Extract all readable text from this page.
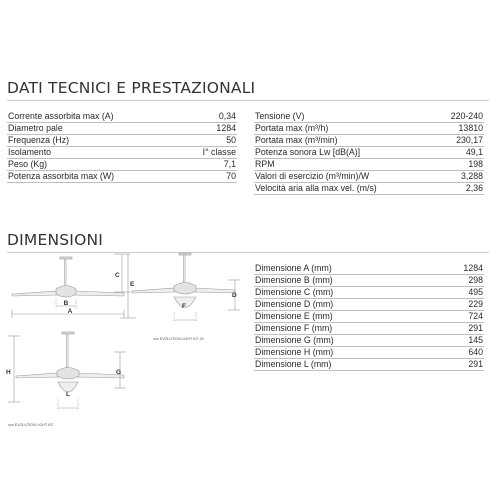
DATI TECNICI E PRESTAZIONALI
Corrente assorbita max (A)	0,34
Diametro pale	1284
Frequenza (Hz)	50
Isolamento	I° classe
Peso (Kg)	7,1
Potenza assorbita max (W)	70
Tensione (V)	220-240
Portata max (m³/h)	13810
Portata max (m³/min)	230,17
Potenza sonora Lw [dB(A)]	49,1
RPM	198
Valori di esercizio (m³/min)/W	3,288
Velocità aria alla max vel. (m/s)	2,36
DIMENSIONI
Dimensione A (mm)	1284
Dimensione B (mm)	298
Dimensione C (mm)	495
Dimensione D (mm)	229
Dimensione E (mm)	724
Dimensione F (mm)	291
Dimensione G (mm)	145
Dimensione H (mm)	640
Dimensione L (mm)	291
B
A
C
E
D
F
con EVOLUTION LIGHT KIT 20
H	G
L
con EVOLUTION LIGHT KIT
